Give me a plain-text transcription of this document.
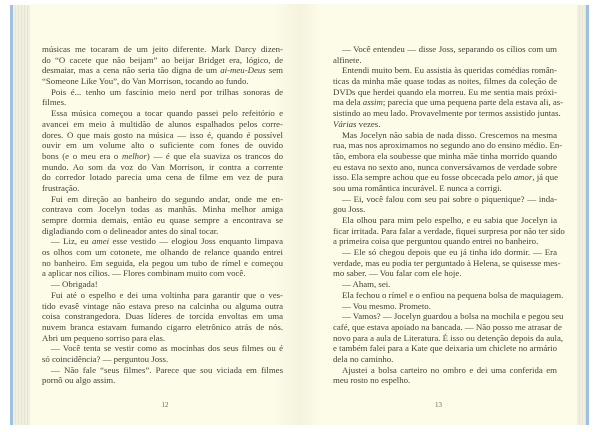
músicas me tocaram de um jeito diferente. Mark Darcy dizen-
do “O cacete que não beijam” ao beijar Bridget era, lógico, de
desmaiar, mas a cena não seria tão digna de um ai-meu-Deus sem
“Someone Like You”, do Van Morrison, tocando ao fundo.
Pois é... tenho um fascínio meio nerd por trilhas sonoras de
filmes.
Essa música começou a tocar quando passei pelo refeitório e
avancei em meio à multidão de alunos espalhados pelos corre-
dores. O que mais gosto na música — isso é, quando é possível
ouvir em um volume alto o suficiente com fones de ouvido
bons (e o meu era o melhor) — é que ela suaviza os trancos do
mundo. Ao som da voz do Van Morrison, ir contra a corrente
do corredor lotado parecia uma cena de filme em vez de pura
frustração.
Fui em direção ao banheiro do segundo andar, onde me en-
contrava com Jocelyn todas as manhãs. Minha melhor amiga
sempre dormia demais, então eu quase sempre a encontrava se
digladiando com o delineador antes do sinal tocar.
— Liz, eu amei esse vestido — elogiou Joss enquanto limpava
os olhos com um cotonete, me olhando de relance quando entrei
no banheiro. Em seguida, ela pegou um tubo de rímel e começou
a aplicar nos cílios. — Flores combinam muito com você.
— Obrigada!
Fui até o espelho e dei uma voltinha para garantir que o ves-
tido evasê vintage não estava preso na calcinha ou alguma outra
coisa constrangedora. Duas líderes de torcida envoltas em uma
nuvem branca estavam fumando cigarro eletrônico atrás de nós.
Abri um pequeno sorriso para elas.
— Você tenta se vestir como as mocinhas dos seus filmes ou é
só coincidência? — perguntou Joss.
— Não fale “seus filmes”. Parece que sou viciada em filmes
pornô ou algo assim.
12
— Você entendeu — disse Joss, separando os cílios com um
alfinete.
Entendi muito bem. Eu assistia às queridas comédias român-
ticas da minha mãe quase todas as noites, filmes da coleção de
DVDs que herdei quando ela morreu. Eu me sentia mais próxi-
ma dela assim; parecia que uma pequena parte dela estava ali, as-
sistindo ao meu lado. Provavelmente por termos assistido juntas.
Várias vezes.
Mas Jocelyn não sabia de nada disso. Crescemos na mesma
rua, mas nos aproximamos no segundo ano do ensino médio. En-
tão, embora ela soubesse que minha mãe tinha morrido quando
eu estava no sexto ano, nunca conversávamos de verdade sobre
isso. Ela sempre achou que eu fosse obcecada pelo amor, já que
sou uma romântica incurável. E nunca a corrigi.
— Ei, você falou com seu pai sobre o piquenique? — inda-
gou Joss.
Ela olhou para mim pelo espelho, e eu sabia que Jocelyn ia
ficar irritada. Para falar a verdade, fiquei surpresa por não ter sido
a primeira coisa que perguntou quando entrei no banheiro.
— Ele só chegou depois que eu já tinha ido dormir. — Era
verdade, mas eu podia ter perguntado à Helena, se quisesse mes-
mo saber. — Vou falar com ele hoje.
— Aham, sei.
Ela fechou o rímel e o enfiou na pequena bolsa de maquiagem.
— Vou mesmo. Prometo.
— Vamos? — Jocelyn guardou a bolsa na mochila e pegou seu
café, que estava apoiado na bancada. — Não posso me atrasar de
novo para a aula de Literatura. É isso ou detenção depois da aula,
e também falei para a Kate que deixaria um chiclete no armário
dela no caminho.
Ajustei a bolsa carteiro no ombro e dei uma conferida em
meu rosto no espelho.
13
